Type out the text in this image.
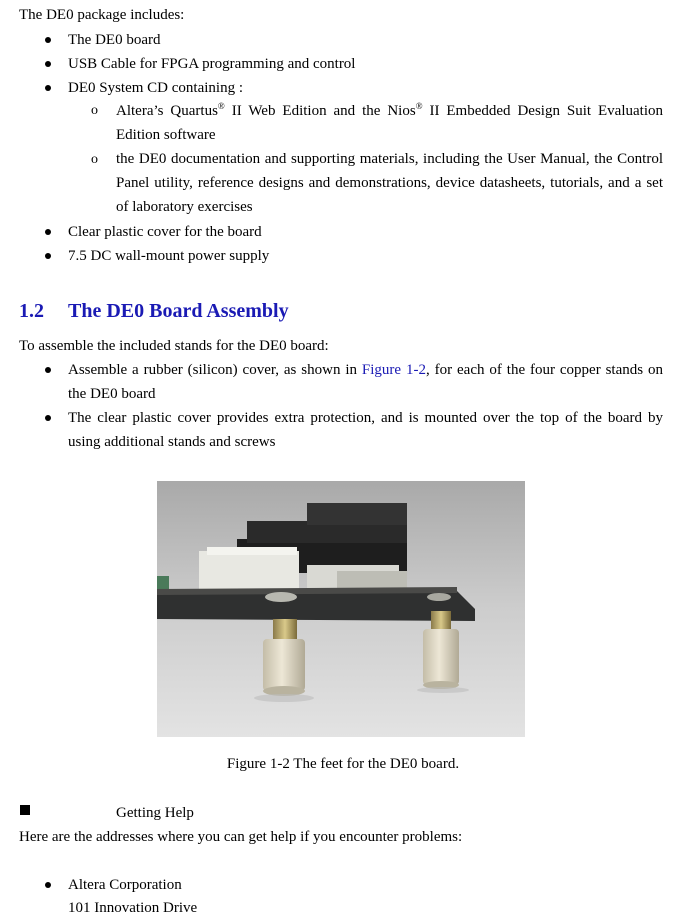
The DE0 package includes:
The DE0 board
USB Cable for FPGA programming and control
DE0 System CD containing :
o Altera’s Quartus® II Web Edition and the Nios® II Embedded Design Suit Evaluation Edition software
o the DE0 documentation and supporting materials, including the User Manual, the Control Panel utility, reference designs and demonstrations, device datasheets, tutorials, and a set of laboratory exercises
Clear plastic cover for the board
7.5 DC wall-mount power supply
1.2 The DE0 Board Assembly
To assemble the included stands for the DE0 board:
Assemble a rubber (silicon) cover, as shown in Figure 1-2, for each of the four copper stands on the DE0 board
The clear plastic cover provides extra protection, and is mounted over the top of the board by using additional stands and screws
Figure 1-2 The feet for the DE0 board.
Getting Help
Here are the addresses where you can get help if you encounter problems:
Altera Corporation
101 Innovation Drive
